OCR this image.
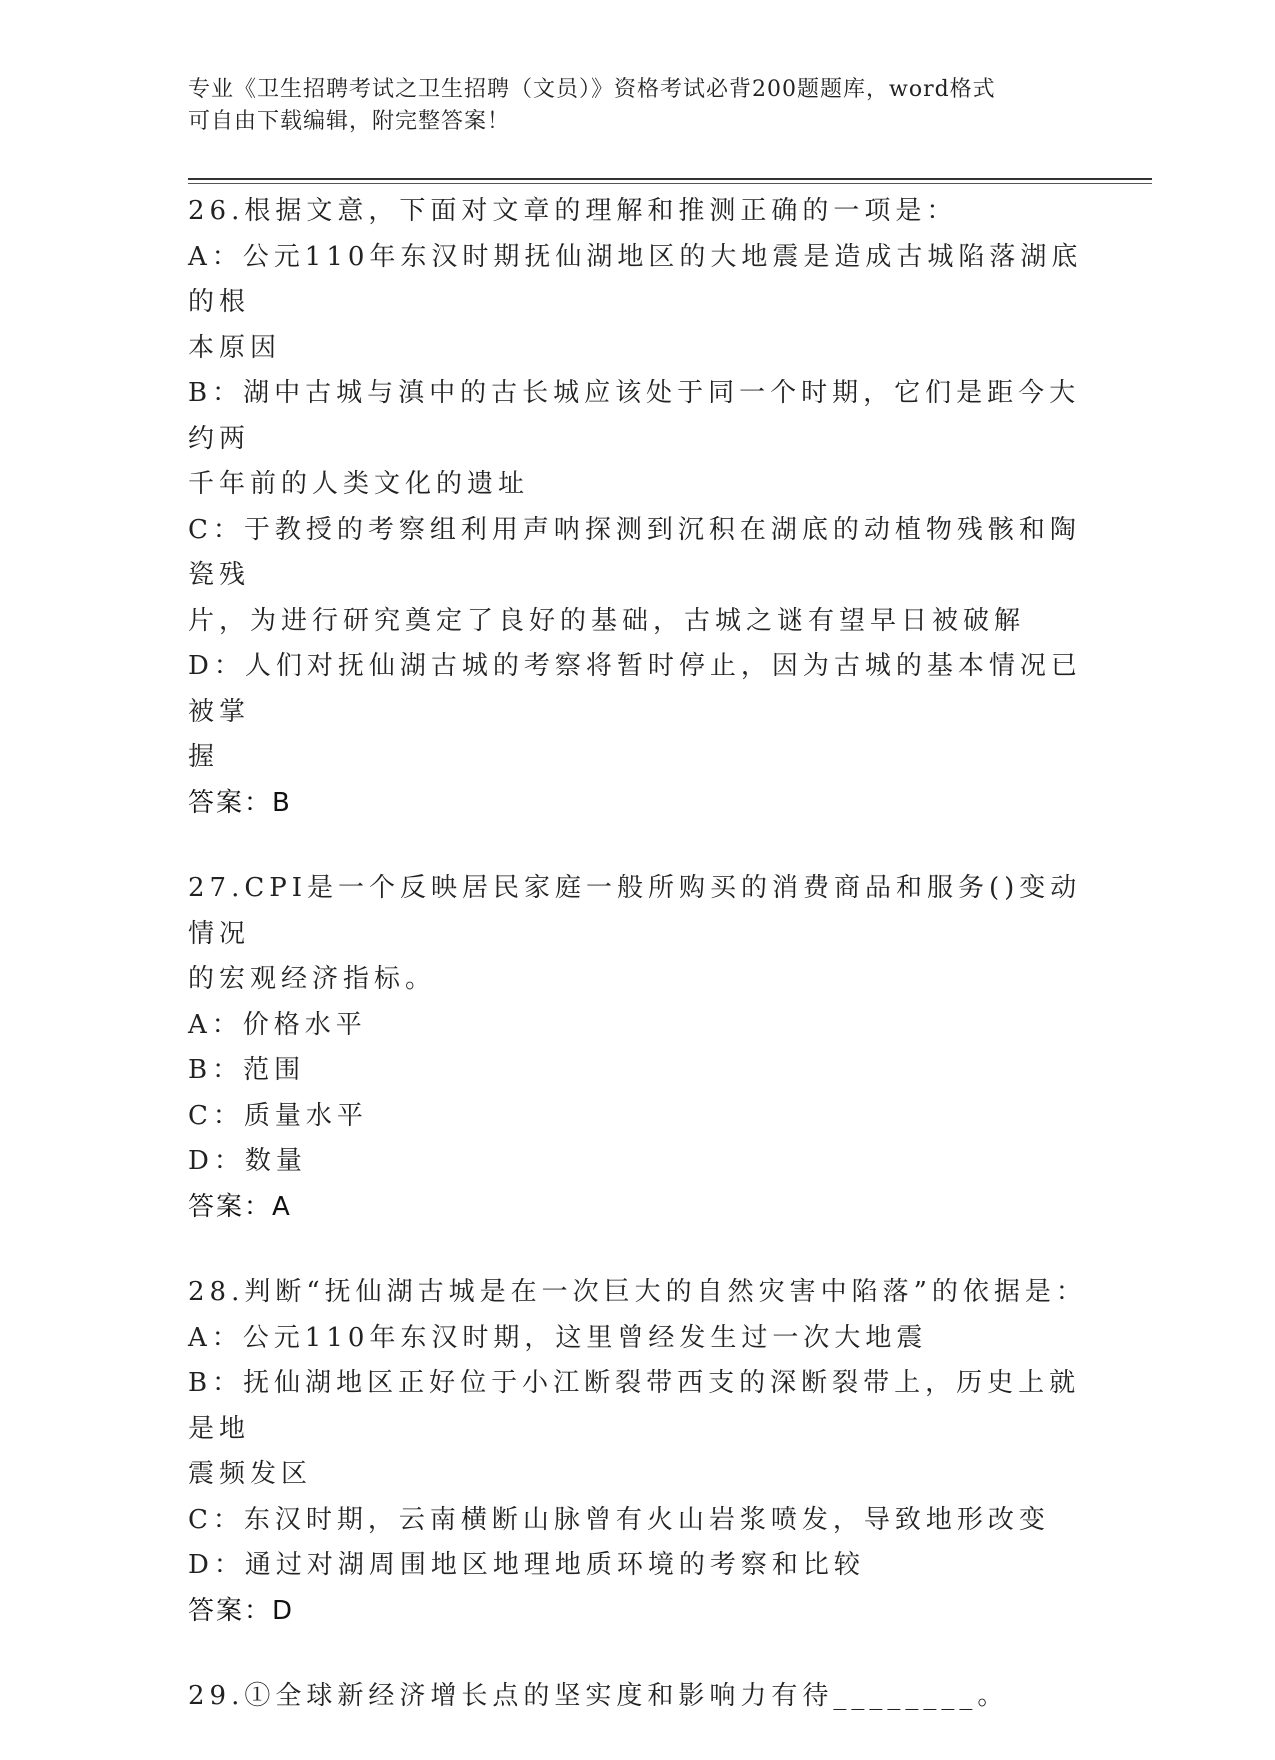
专业《卫生招聘考试之卫生招聘（文员）》资格考试必背200题题库，word格式
可自由下载编辑，附完整答案！
26.根据文意，下面对文章的理解和推测正确的一项是：
A：公元110年东汉时期抚仙湖地区的大地震是造成古城陷落湖底的根
本原因
B：湖中古城与滇中的古长城应该处于同一个时期，它们是距今大约两
千年前的人类文化的遗址
C：于教授的考察组利用声呐探测到沉积在湖底的动植物残骸和陶瓷残
片，为进行研究奠定了良好的基础，古城之谜有望早日被破解
D：人们对抚仙湖古城的考察将暂时停止，因为古城的基本情况已被掌
握
答案：B
27.CPI是一个反映居民家庭一般所购买的消费商品和服务()变动情况
的宏观经济指标。
A：价格水平
B：范围
C：质量水平
D：数量
答案：A
28.判断“抚仙湖古城是在一次巨大的自然灾害中陷落”的依据是：
A：公元110年东汉时期，这里曾经发生过一次大地震
B：抚仙湖地区正好位于小江断裂带西支的深断裂带上，历史上就是地
震频发区
C：东汉时期，云南横断山脉曾有火山岩浆喷发，导致地形改变
D：通过对湖周围地区地理地质环境的考察和比较
答案：D
29.①全球新经济增长点的坚实度和影响力有待________。
